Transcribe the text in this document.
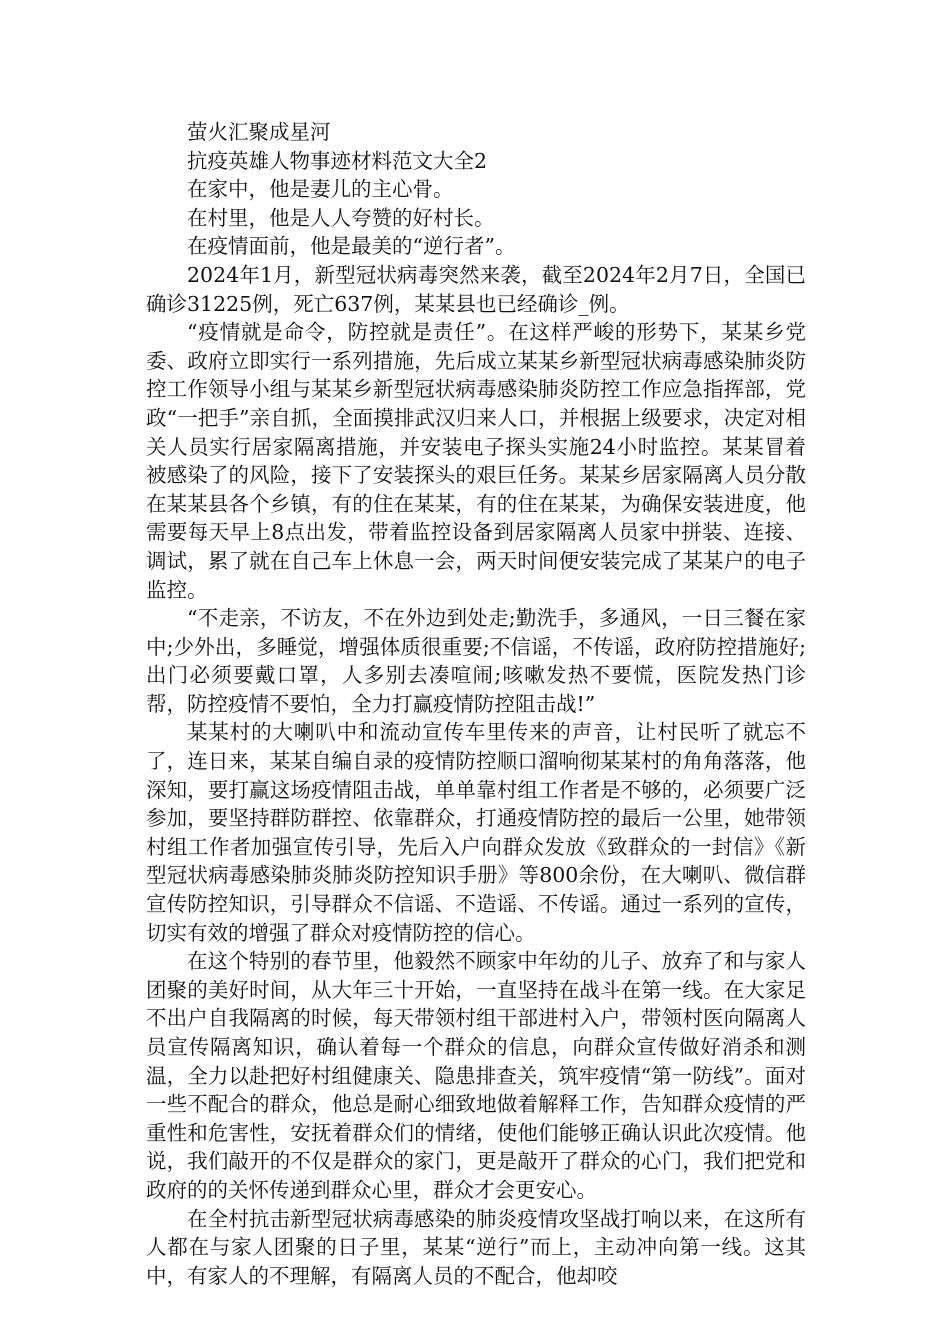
萤火汇聚成星河

抗疫英雄人物事迹材料范文大全2

在家中，他是妻儿的主心骨。

在村里，他是人人夸赞的好村长。

在疫情面前，他是最美的“逆行者”。

2024年1月，新型冠状病毒突然来袭，截至2024年2月7日，全国已确诊31225例，死亡637例，某某县也已经确诊_例。

“疫情就是命令，防控就是责任”。在这样严峻的形势下，某某乡党委、政府立即实行一系列措施，先后成立某某乡新型冠状病毒感染肺炎防控工作领导小组与某某乡新型冠状病毒感染肺炎防控工作应急指挥部，党政“一把手”亲自抓，全面摸排武汉归来人口，并根据上级要求，决定对相关人员实行居家隔离措施，并安装电子探头实施24小时监控。某某冒着被感染了的风险，接下了安装探头的艰巨任务。某某乡居家隔离人员分散在某某县各个乡镇，有的住在某某，有的住在某某，为确保安装进度，他需要每天早上8点出发，带着监控设备到居家隔离人员家中拼装、连接、调试，累了就在自己车上休息一会，两天时间便安装完成了某某户的电子监控。

“不走亲，不访友，不在外边到处走;勤洗手，多通风，一日三餐在家中;少外出，多睡觉，增强体质很重要;不信谣，不传谣，政府防控措施好;出门必须要戴口罩，人多别去凑喧闹;咳嗽发热不要慌，医院发热门诊帮，防控疫情不要怕，全力打赢疫情防控阻击战!”

某某村的大喇叭中和流动宣传车里传来的声音，让村民听了就忘不了，连日来，某某自编自录的疫情防控顺口溜响彻某某村的角角落落，他深知，要打赢这场疫情阻击战，单单靠村组工作者是不够的，必须要广泛参加，要坚持群防群控、依靠群众，打通疫情防控的最后一公里，她带领村组工作者加强宣传引导，先后入户向群众发放《致群众的一封信》《新型冠状病毒感染肺炎肺炎防控知识手册》等800余份，在大喇叭、微信群宣传防控知识，引导群众不信谣、不造谣、不传谣。通过一系列的宣传，切实有效的增强了群众对疫情防控的信心。

在这个特别的春节里，他毅然不顾家中年幼的儿子、放弃了和与家人团聚的美好时间，从大年三十开始，一直坚持在战斗在第一线。在大家足不出户自我隔离的时候，每天带领村组干部进村入户，带领村医向隔离人员宣传隔离知识，确认着每一个群众的信息，向群众宣传做好消杀和测温，全力以赴把好村组健康关、隐患排查关，筑牢疫情“第一防线”。面对一些不配合的群众，他总是耐心细致地做着解释工作，告知群众疫情的严重性和危害性，安抚着群众们的情绪，使他们能够正确认识此次疫情。他说，我们敲开的不仅是群众的家门，更是敲开了群众的心门，我们把党和政府的的关怀传递到群众心里，群众才会更安心。

在全村抗击新型冠状病毒感染的肺炎疫情攻坚战打响以来，在这所有人都在与家人团聚的日子里，某某“逆行”而上，主动冲向第一线。这其中，有家人的不理解，有隔离人员的不配合，他却咬
